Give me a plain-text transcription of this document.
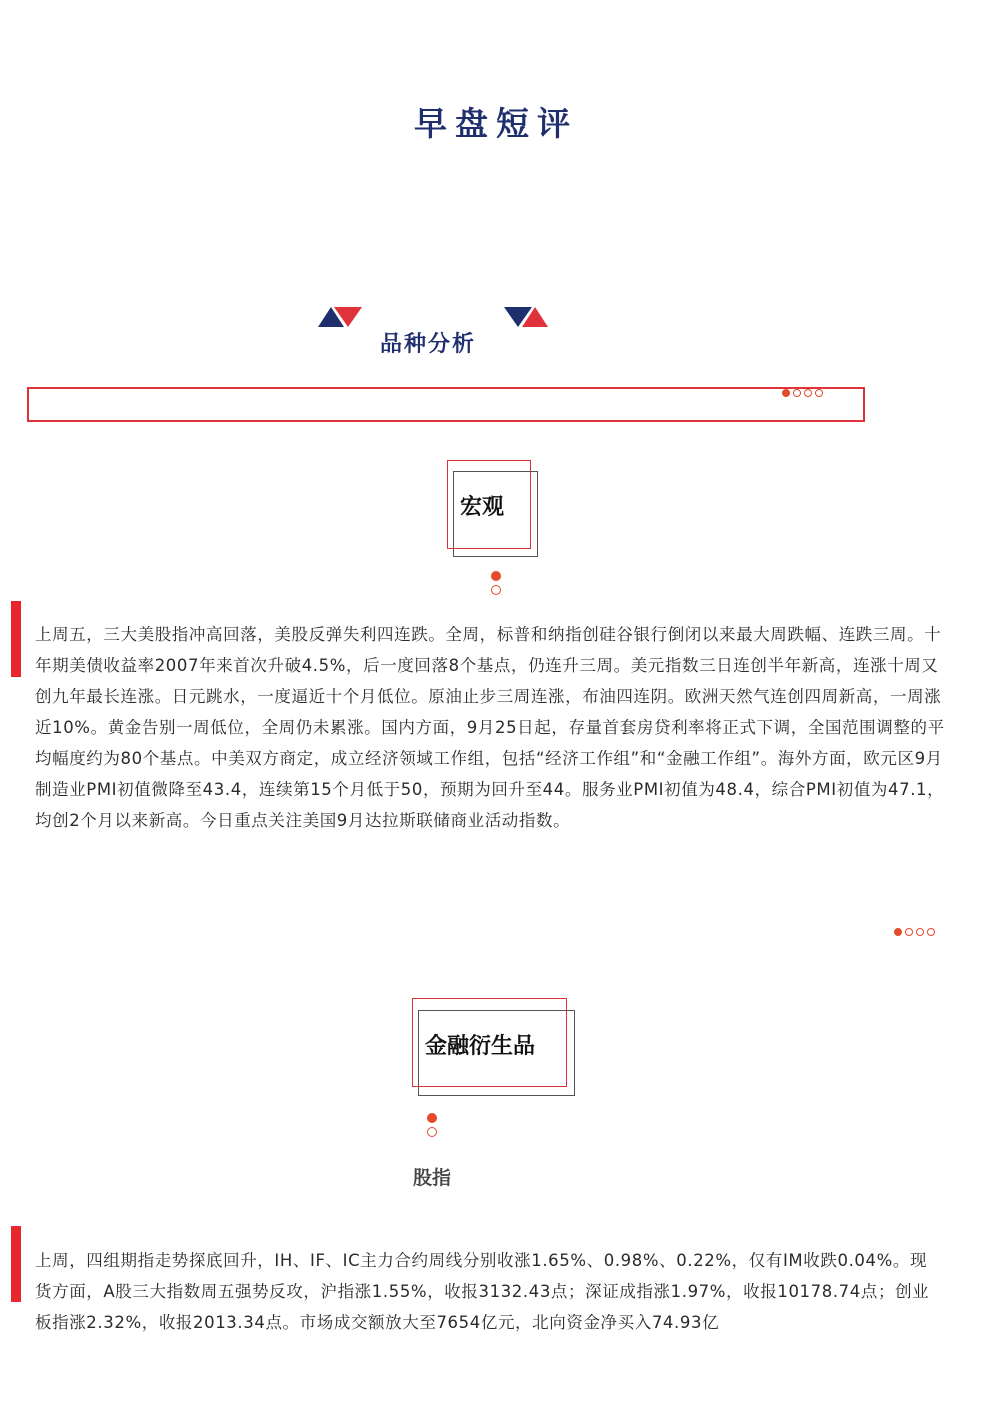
早盘短评
品种分析
宏观
上周五，三大美股指冲高回落，美股反弹失利四连跌。全周，标普和纳指创硅谷银行倒闭以来最大周跌幅、连跌三周。十年期美债收益率2007年来首次升破4.5%，后一度回落8个基点，仍连升三周。美元指数三日连创半年新高，连涨十周又创九年最长连涨。日元跳水，一度逼近十个月低位。原油止步三周连涨，布油四连阴。欧洲天然气连创四周新高，一周涨近10%。黄金告别一周低位，全周仍未累涨。国内方面，9月25日起，存量首套房贷利率将正式下调，全国范围调整的平均幅度约为80个基点。中美双方商定，成立经济领域工作组，包括“经济工作组”和“金融工作组”。海外方面，欧元区9月制造业PMI初值微降至43.4，连续第15个月低于50，预期为回升至44。服务业PMI初值为48.4，综合PMI初值为47.1，均创2个月以来新高。今日重点关注美国9月达拉斯联储商业活动指数。
金融衍生品
股指
上周，四组期指走势探底回升，IH、IF、IC主力合约周线分别收涨1.65%、0.98%、0.22%，仅有IM收跌0.04%。现货方面，A股三大指数周五强势反攻，沪指涨1.55%，收报3132.43点；深证成指涨1.97%，收报10178.74点；创业板指涨2.32%，收报2013.34点。市场成交额放大至7654亿元，北向资金净买入74.93亿
